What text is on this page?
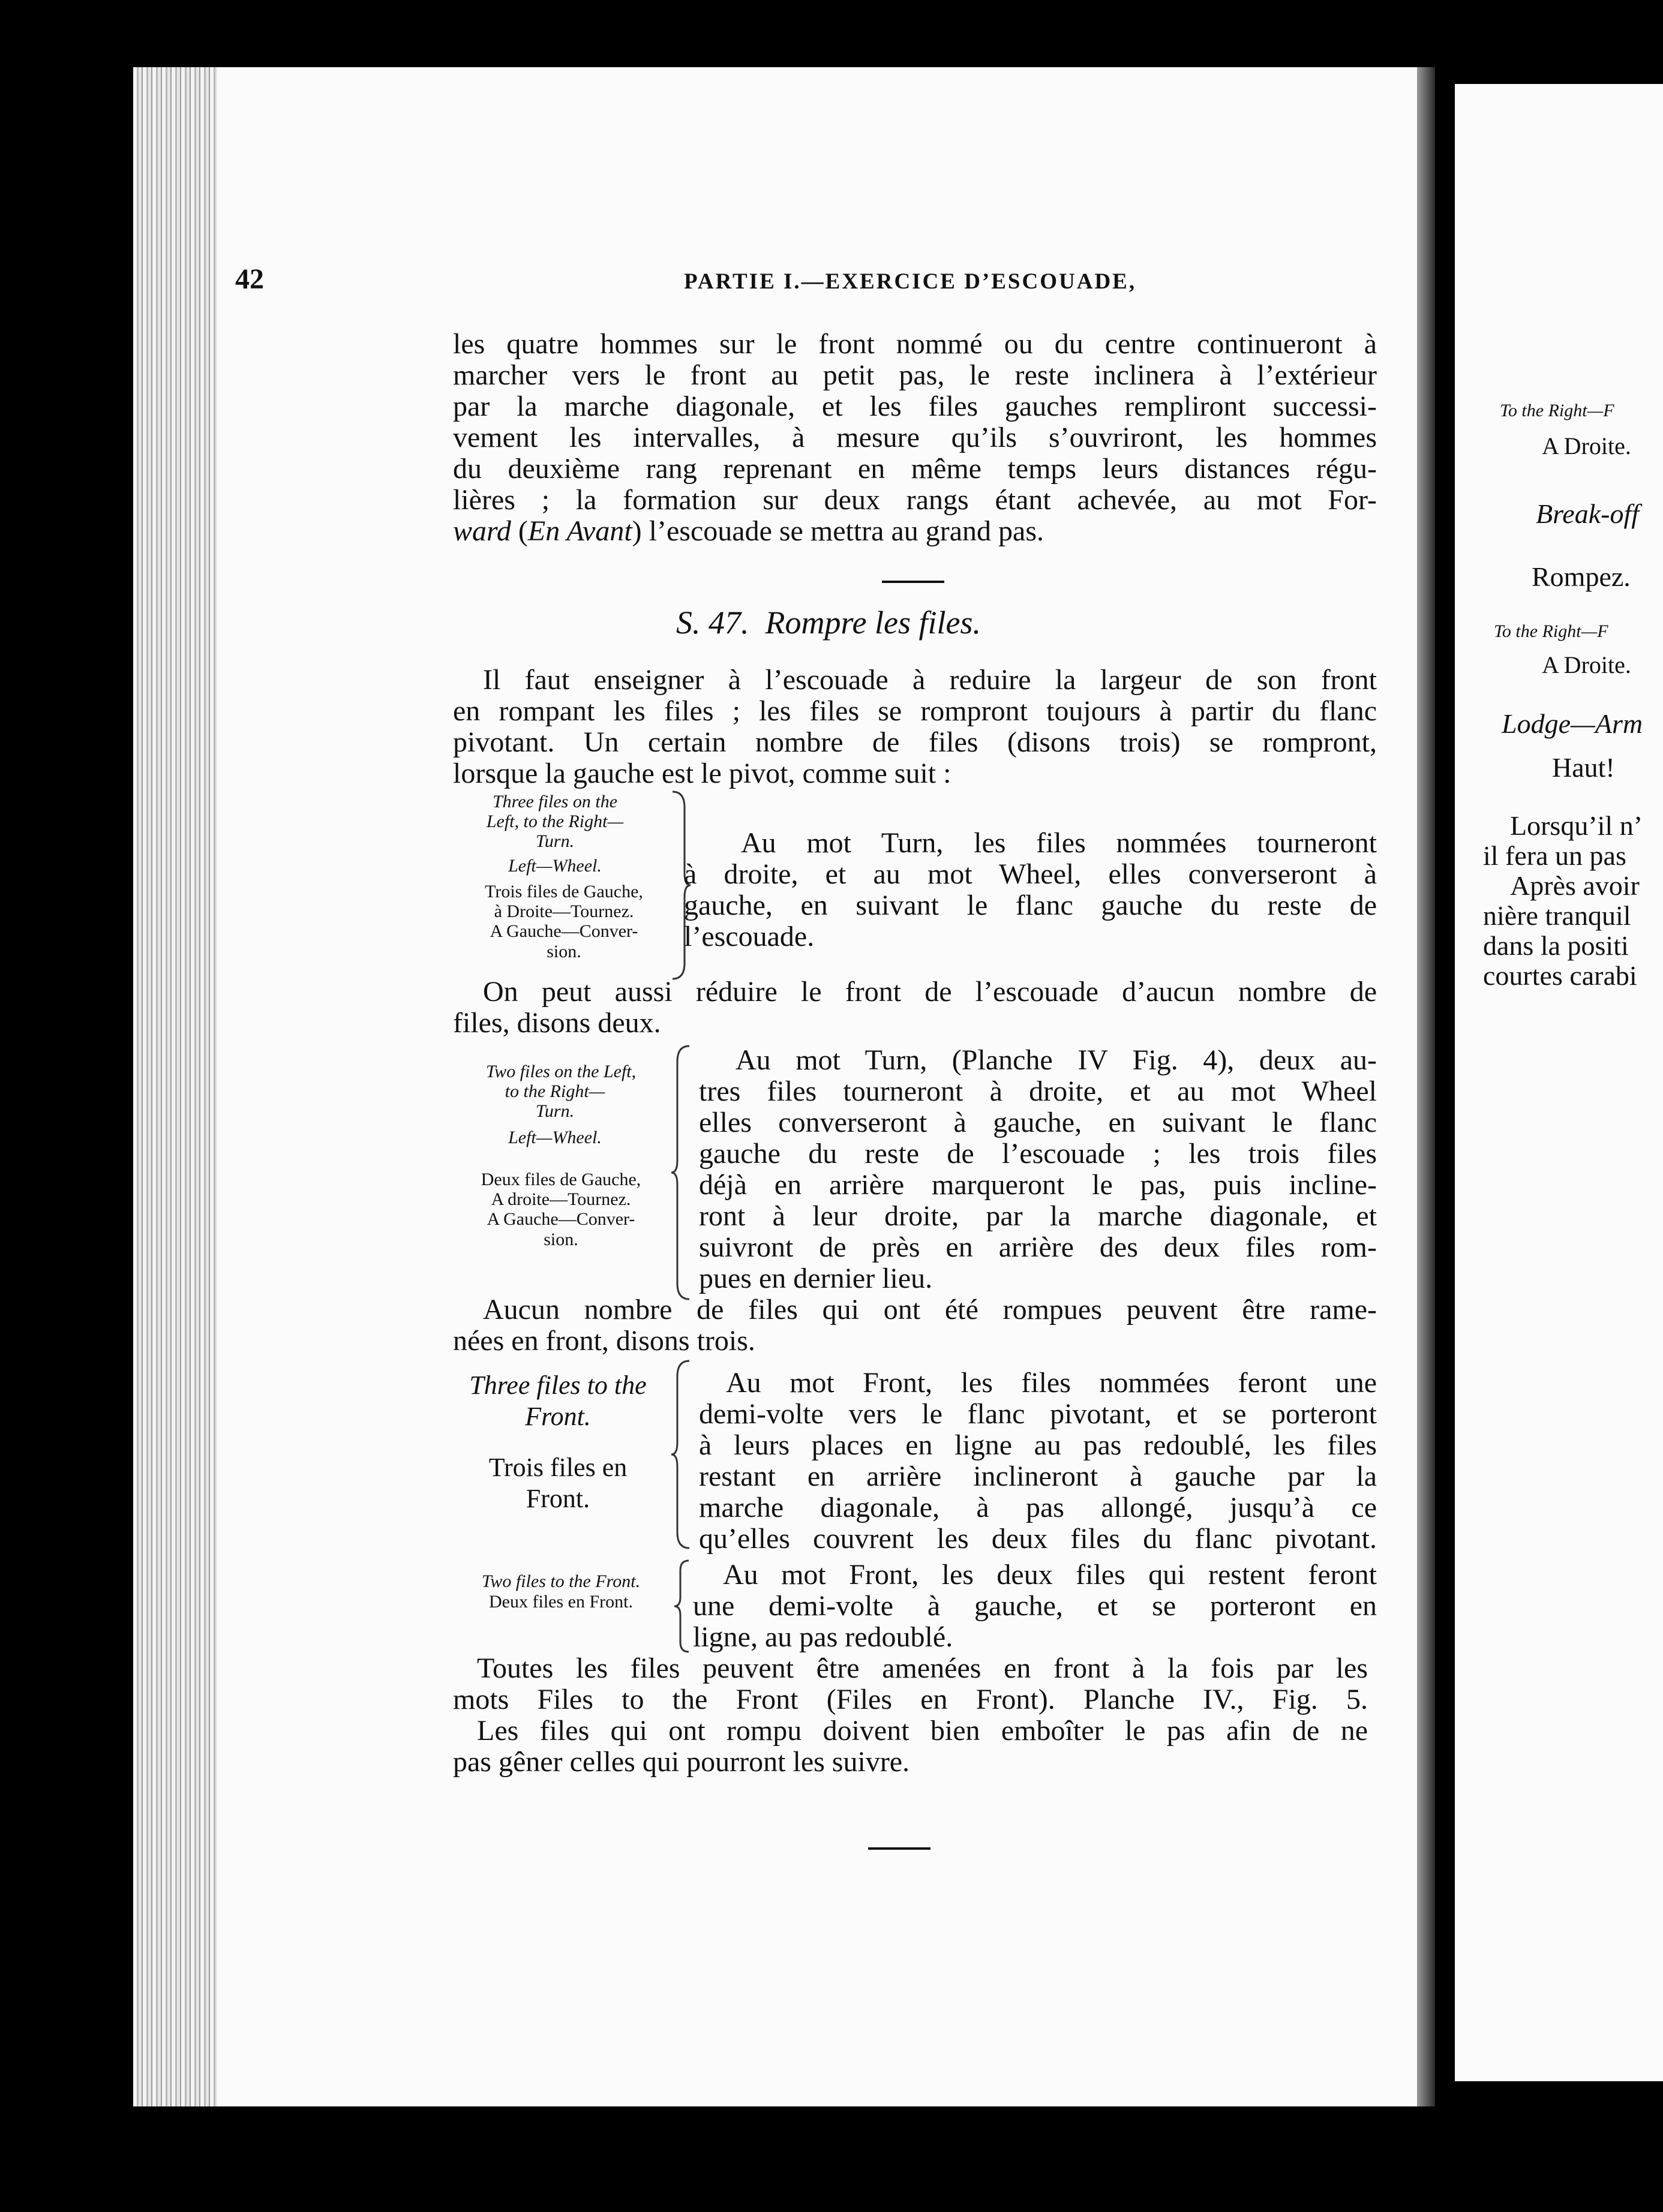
42	PARTIE I.—EXERCICE D’ESCOUADE,
les quatre hommes sur le front nommé ou du centre continueront à
marcher vers le front au petit pas, le reste inclinera à l’extérieur
par la marche diagonale, et les files gauches rempliront successi-
vement les intervalles, à mesure qu’ils s’ouvriront, les hommes
du deuxième rang reprenant en même temps leurs distances régu-
lières ; la formation sur deux rangs étant achevée, au mot For-
ward (En Avant) l’escouade se mettra au grand pas.
S. 47. Rompre les files.
Il faut enseigner à l’escouade à reduire la largeur de son front
en rompant les files ; les files se rompront toujours à partir du flanc
pivotant. Un certain nombre de files (disons trois) se rompront,
lorsque la gauche est le pivot, comme suit :
Three files on the
Left, to the Right—
Turn.
Left—Wheel.
Trois files de Gauche,
à Droite—Tournez.
A Gauche—Conver-
sion.
Au mot Turn, les files nommées tourneront
à droite, et au mot Wheel, elles converseront à
gauche, en suivant le flanc gauche du reste de
l’escouade.
On peut aussi réduire le front de l’escouade d’aucun nombre de
files, disons deux.
Two files on the Left,
to the Right—
Turn.
Left—Wheel.
Deux files de Gauche,
A droite—Tournez.
A Gauche—Conver-
sion.
Au mot Turn, (Planche IV Fig. 4), deux au-
tres files tourneront à droite, et au mot Wheel
elles converseront à gauche, en suivant le flanc
gauche du reste de l’escouade ; les trois files
déjà en arrière marqueront le pas, puis incline-
ront à leur droite, par la marche diagonale, et
suivront de près en arrière des deux files rom-
pues en dernier lieu.
Aucun nombre de files qui ont été rompues peuvent être rame-
nées en front, disons trois.
Three files to the
Front.
Trois files en
Front.
Au mot Front, les files nommées feront une
demi-volte vers le flanc pivotant, et se porteront
à leurs places en ligne au pas redoublé, les files
restant en arrière inclineront à gauche par la
marche diagonale, à pas allongé, jusqu’à ce
qu’elles couvrent les deux files du flanc pivotant.
Two files to the Front.
Deux files en Front.
Au mot Front, les deux files qui restent feront
une demi-volte à gauche, et se porteront en
ligne, au pas redoublé.
Toutes les files peuvent être amenées en front à la fois par les
mots Files to the Front (Files en Front). Planche IV., Fig. 5.
Les files qui ont rompu doivent bien emboîter le pas afin de ne
pas gêner celles qui pourront les suivre.
To the Right—F
A Droite.
Break-off
Rompez.
To the Right—F
A Droite.
Lodge—Arm
Haut!
Lorsqu’il n’
il fera un pas
Après avoir
nière tranquil
dans la positi
courtes carabi
